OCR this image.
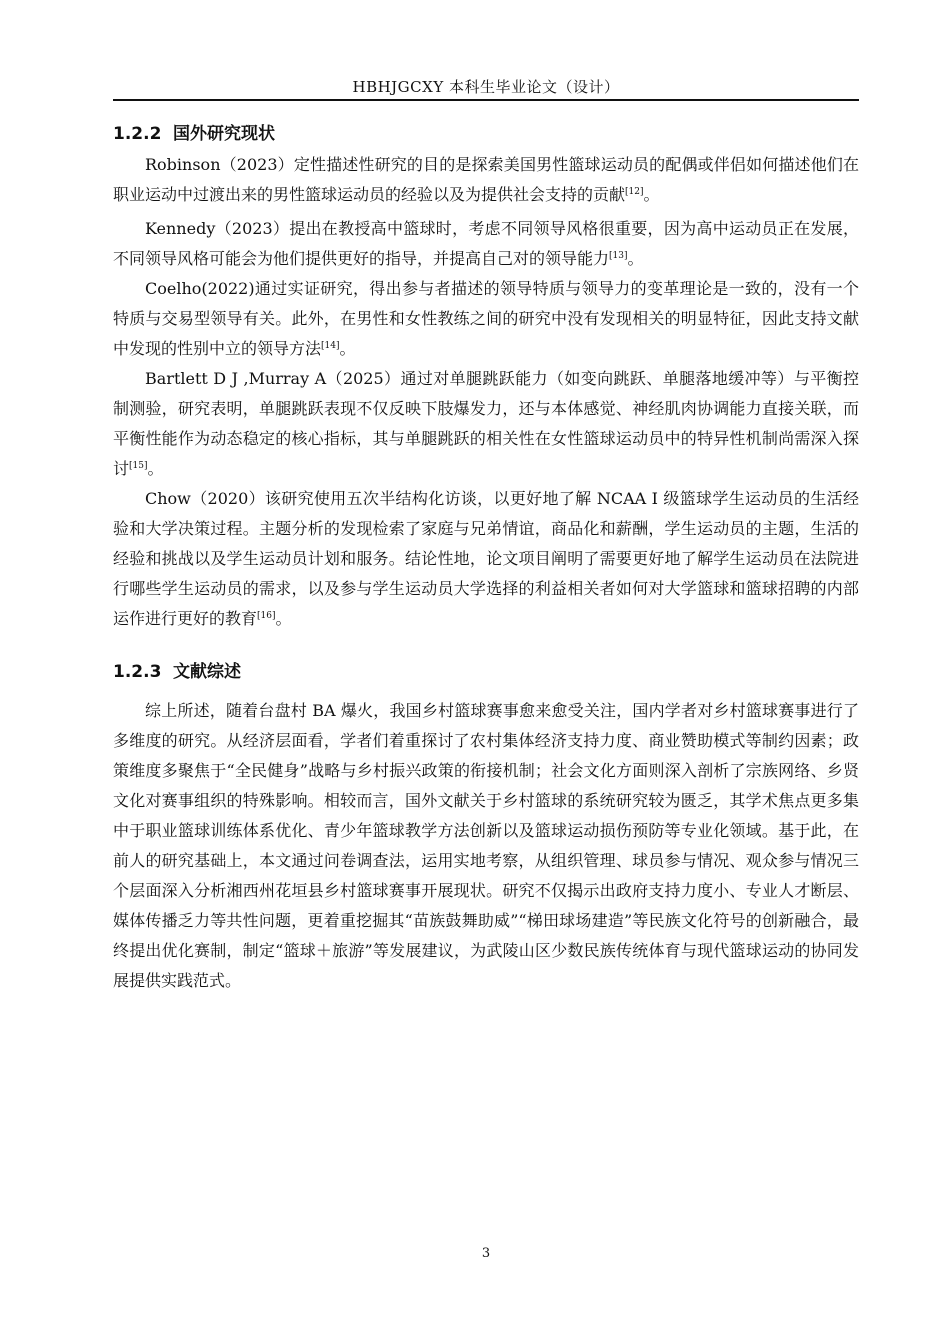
HBHJGCXY 本科生毕业论文（设计）
1.2.2 国外研究现状

Robinson（2023）定性描述性研究的目的是探索美国男性篮球运动员的配偶或伴侣如何描述他们在职业运动中过渡出来的男性篮球运动员的经验以及为提供社会支持的贡献[12]。

Kennedy（2023）提出在教授高中篮球时，考虑不同领导风格很重要，因为高中运动员正在发展，不同领导风格可能会为他们提供更好的指导，并提高自己对的领导能力[13]。

Coelho(2022)通过实证研究，得出参与者描述的领导特质与领导力的变革理论是一致的，没有一个特质与交易型领导有关。此外，在男性和女性教练之间的研究中没有发现相关的明显特征，因此支持文献中发现的性别中立的领导方法[14]。

Bartlett D J ,Murray A（2025）通过对单腿跳跃能力（如变向跳跃、单腿落地缓冲等）与平衡控制测验，研究表明，单腿跳跃表现不仅反映下肢爆发力，还与本体感觉、神经肌肉协调能力直接关联，而平衡性能作为动态稳定的核心指标，其与单腿跳跃的相关性在女性篮球运动员中的特异性机制尚需深入探讨[15]。

Chow（2020）该研究使用五次半结构化访谈，以更好地了解 NCAA I 级篮球学生运动员的生活经验和大学决策过程。主题分析的发现检索了家庭与兄弟情谊，商品化和薪酬，学生运动员的主题，生活的经验和挑战以及学生运动员计划和服务。结论性地，论文项目阐明了需要更好地了解学生运动员在法院进行哪些学生运动员的需求，以及参与学生运动员大学选择的利益相关者如何对大学篮球和篮球招聘的内部运作进行更好的教育[16]。

1.2.3 文献综述

综上所述，随着台盘村 BA 爆火，我国乡村篮球赛事愈来愈受关注，国内学者对乡村篮球赛事进行了多维度的研究。从经济层面看，学者们着重探讨了农村集体经济支持力度、商业赞助模式等制约因素；政策维度多聚焦于“全民健身”战略与乡村振兴政策的衔接机制；社会文化方面则深入剖析了宗族网络、乡贤文化对赛事组织的特殊影响。相较而言，国外文献关于乡村篮球的系统研究较为匮乏，其学术焦点更多集中于职业篮球训练体系优化、青少年篮球教学方法创新以及篮球运动损伤预防等专业化领域。基于此，在前人的研究基础上，本文通过问卷调查法，运用实地考察，从组织管理、球员参与情况、观众参与情况三个层面深入分析湘西州花垣县乡村篮球赛事开展现状。研究不仅揭示出政府支持力度小、专业人才断层、媒体传播乏力等共性问题，更着重挖掘其“苗族鼓舞助威”“梯田球场建造”等民族文化符号的创新融合，最终提出优化赛制，制定“篮球＋旅游”等发展建议，为武陵山区少数民族传统体育与现代篮球运动的协同发展提供实践范式。

3
